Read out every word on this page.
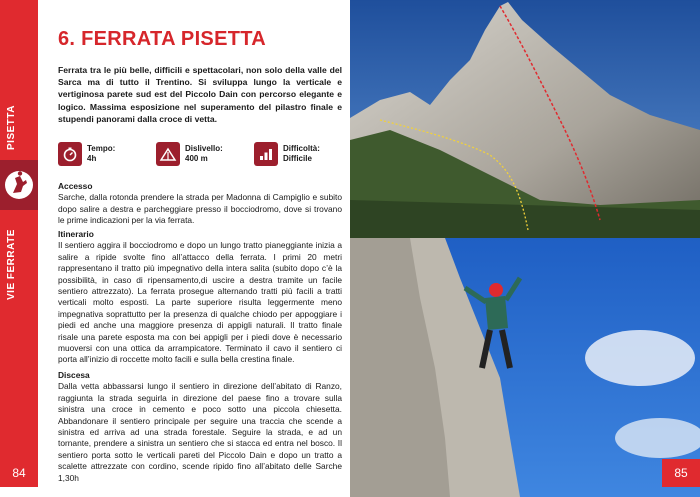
PISETTA
VIE FERRATE
84
6. FERRATA PISETTA

Ferrata tra le più belle, difficili e spettacolari, non solo della valle del Sarca ma di tutto il Trentino. Si sviluppa lungo la verticale e vertiginosa parete sud est del Piccolo Dain con percorso elegante e logico. Massima esposizione nel superamento del pilastro finale e stupendi panorami dalla croce di vetta.

Tempo:
4h
Dislivello:
400 m
Difficoltà:
Difficile
Accesso
Sarche, dalla rotonda prendere la strada per Madonna di Campiglio e subito dopo salire a destra e parcheggiare presso il bocciodromo, dove si trovano le prime indicazioni per la via ferrata.
Itinerario
Il sentiero aggira il bocciodromo e dopo un lungo tratto pianeggiante inizia a salire a ripide svolte fino all’attacco della ferrata. I primi 20 metri rappresentano il tratto più impegnativo della intera salita (subito dopo c’è la possibilità, in caso di ripensamento,di uscire a destra tramite un facile sentiero attrezzato). La ferrata prosegue alternando tratti più facili a tratti verticali molto esposti. La parte superiore risulta leggermente meno impegnativa soprattutto per la presenza di qualche chiodo per appoggiare i piedi ed anche una maggiore presenza di appigli naturali. Il tratto finale risale una parete esposta ma con bei appigli per i piedi dove è necessario muoversi con una ottica da arrampicatore. Terminato il cavo il sentiero ci porta all’inizio di roccette molto facili e sulla bella crestina finale.
Discesa
Dalla vetta abbassarsi lungo il sentiero in direzione dell’abitato di Ranzo, raggiunta la strada seguirla in direzione del paese fino a trovare sulla sinistra una croce in cemento e poco sotto una piccola chiesetta. Abbandonare il sentiero principale per seguire una traccia che scende a sinistra ed arriva ad una strada forestale. Seguire la strada, e ad un tornante, prendere a sinistra un sentiero che si stacca ed entra nel bosco. Il sentiero porta sotto le verticali pareti del Piccolo Dain e dopo un tratto a scalette attrezzate con cordino, scende ripido fino all’abitato delle Sarche 1,30h	85
